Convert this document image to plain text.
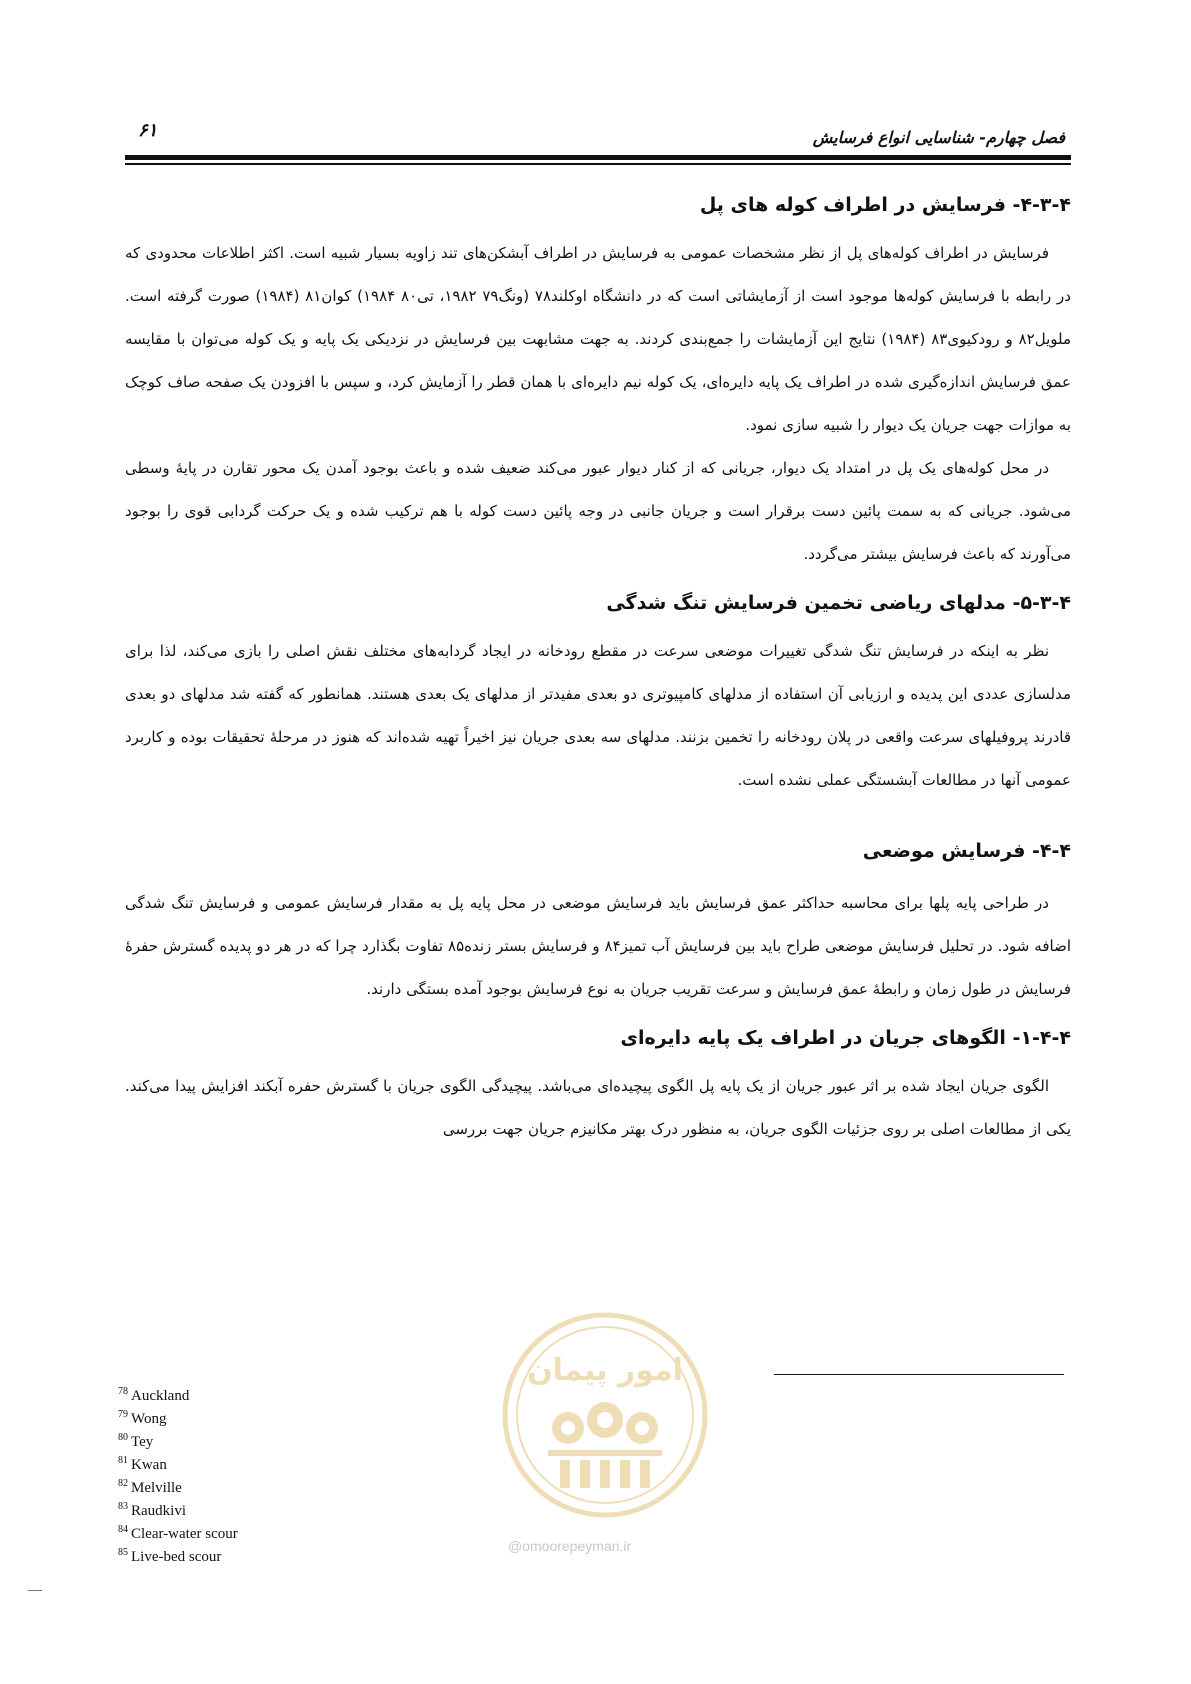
فصل چهارم- شناسایی انواع فرسایش
۶۱
۴-۳-۴- فرسایش در اطراف کوله های پل

فرسایش در اطراف کوله‌های پل از نظر مشخصات عمومی به فرسایش در اطراف آبشکن‌های تند زاویه بسیار شبیه است. اکثر اطلاعات محدودی که در رابطه با فرسایش کوله‌ها موجود است از آزمایشاتی است که در دانشگاه اوکلند۷۸ (ونگ۷۹ ۱۹۸۲، تی۸۰ ۱۹۸۴) کوان۸۱ (۱۹۸۴) صورت گرفته است. ملویل۸۲ و رودکیوی۸۳ (۱۹۸۴) نتایج این آزمایشات را جمع‌بندی کردند. به جهت مشابهت بین فرسایش در نزدیکی یک پایه و یک کوله می‌توان با مقایسه عمق فرسایش اندازه‌گیری شده در اطراف یک پایه دایره‌ای، یک کوله نیم دایره‌ای با همان قطر را آزمایش کرد، و سپس با افزودن یک صفحه صاف کوچک به موازات جهت جریان یک دیوار را شبیه سازی نمود.

در محل کوله‌های یک پل در امتداد یک دیوار، جریانی که از کنار دیوار عبور می‌کند ضعیف شده و باعث بوجود آمدن یک محور تقارن در پایهٔ وسطی می‌شود. جریانی که به سمت پائین دست برقرار است و جریان جانبی در وجه پائین دست کوله با هم ترکیب شده و یک حرکت گردابی قوی را بوجود می‌آورند که باعث فرسایش بیشتر می‌گردد.

۵-۳-۴- مدلهای ریاضی تخمین فرسایش تنگ شدگی

نظر به اینکه در فرسایش تنگ شدگی تغییرات موضعی سرعت در مقطع رودخانه در ایجاد گردابه‌های مختلف نقش اصلی را بازی می‌کند، لذا برای مدلسازی عددی این پدیده و ارزیابی آن استفاده از مدلهای کامپیوتری دو بعدی مفیدتر از مدلهای یک بعدی هستند. همانطور که گفته شد مدلهای دو بعدی قادرند پروفیلهای سرعت واقعی در پلان رودخانه را تخمین بزنند. مدلهای سه بعدی جریان نیز اخیراً تهیه شده‌اند که هنوز در مرحلهٔ تحقیقات بوده و کاربرد عمومی آنها در مطالعات آبشستگی عملی نشده است.

۴-۴- فرسایش موضعی

در طراحی پایه پلها برای محاسبه حداکثر عمق فرسایش باید فرسایش موضعی در محل پایه پل به مقدار فرسایش عمومی و فرسایش تنگ شدگی اضافه شود. در تحلیل فرسایش موضعی طراح باید بین فرسایش آب تمیز۸۴ و فرسایش بستر زنده۸۵ تفاوت بگذارد چرا که در هر دو پدیده گسترش حفرهٔ فرسایش در طول زمان و رابطهٔ عمق فرسایش و سرعت تقریب جریان به نوع فرسایش بوجود آمده بستگی دارند.

۱-۴-۴- الگوهای جریان در اطراف یک پایه دایره‌ای

الگوی جریان ایجاد شده بر اثر عبور جریان از یک پایه پل الگوی پیچیده‌ای می‌باشد. پیچیدگی الگوی جریان با گسترش حفره آبکند افزایش پیدا می‌کند. یکی از مطالعات اصلی بر روی جزئیات الگوی جریان، به منظور درک بهتر مکانیزم جریان جهت بررسی

$^{78}$ Auckland
$^{79}$ Wong
$^{80}$ Tey
$^{81}$ Kwan
$^{82}$ Melville
$^{83}$ Raudkivi
$^{84}$ Clear-water scour
$^{85}$ Live-bed scour
امور پیمان
@omoorepeyman.ir
